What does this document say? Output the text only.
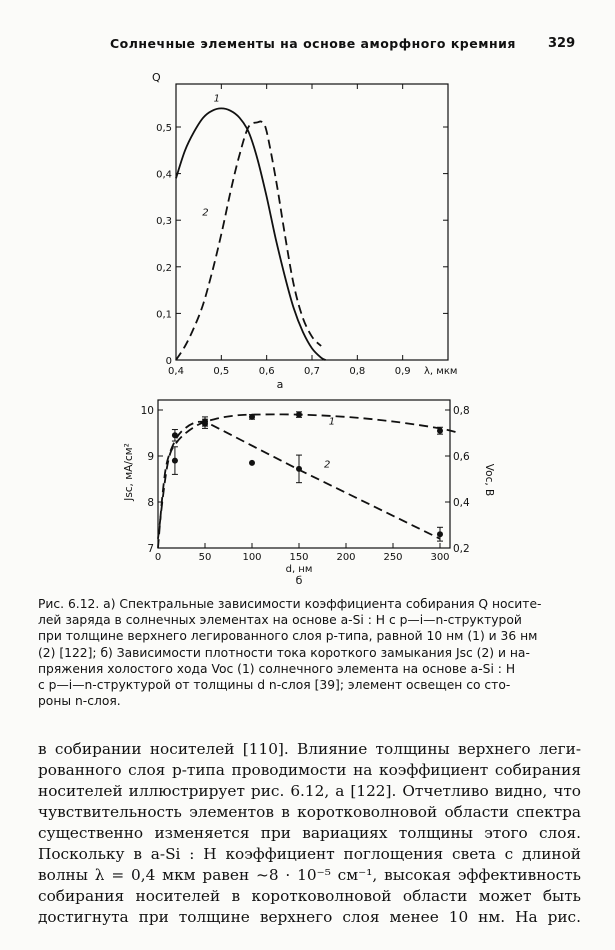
Солнечные элементы на основе аморфного кремния 329
0,4	0,5	0,6	0,7	0,8	0,9
0
0,1
0,2
0,3
0,4
0,5
Q
λ, мкм
а
1
2
0	50	100	150	200	250	300
7
8
9
10
0,2
0,4
0,6
0,8
Jsc, мА/см²	Voc, В
d, нм
б
1
2

Рис. 6.12. а) Спектральные зависимости коэффициента собирания Q носите-
лей заряда в солнечных элементах на основе a-Si : H с p—i—n-структурой
при толщине верхнего легированного слоя p-типа, равной 10 нм (1) и 36 нм
(2) [122]; б) Зависимости плотности тока короткого замыкания Jsc (2) и на-
пряжения холостого хода Voc (1) солнечного элемента на основе a-Si : H
с p—i—n-структурой от толщины d n-слоя [39]; элемент освещен со сто-
роны n-слоя.

в собирании носителей [110]. Влияние толщины верхнего леги-
рованного слоя p-типа проводимости на коэффициент собирания
носителей иллюстрирует рис. 6.12, а [122]. Отчетливо видно, что
чувствительность элементов в коротковолновой области спектра
существенно изменяется при вариациях толщины этого слоя.
Поскольку в a-Si : H коэффициент поглощения света с длиной
волны λ = 0,4 мкм равен ~8 · 10⁻⁵ см⁻¹, высокая эффективность
собирания носителей в коротковолновой области может быть
достигнута при толщине верхнего слоя менее 10 нм. На рис.
